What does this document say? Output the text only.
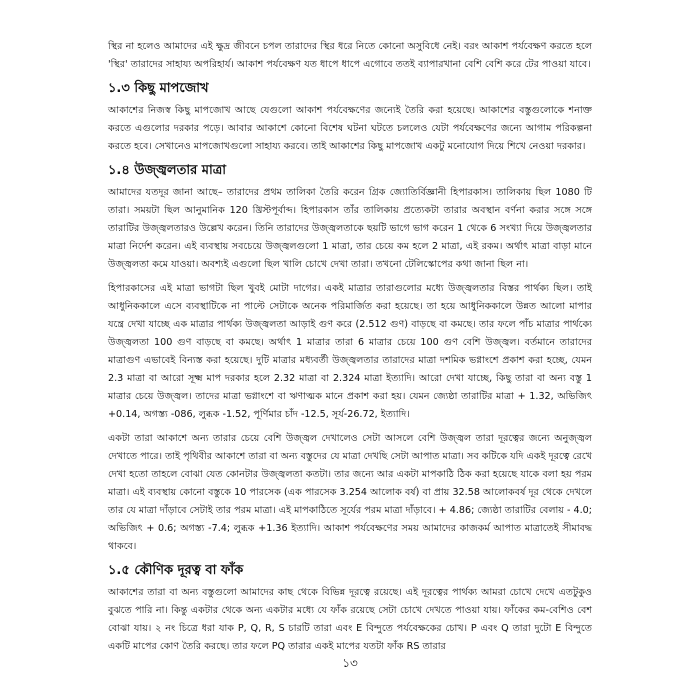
স্থির না হলেও আমাদের এই ক্ষুদ্র জীবনে চপল তারাদের স্থির ধরে নিতে কোনো অসুবিধে নেই। বরং আকাশ পর্যবেক্ষণ করতে হলে 'স্থির' তারাদের সাহায্য অপরিহার্য। আকাশ পর্যবেক্ষণ যত ধাপে ধাপে এগোবে ততই ব্যাপারখানা বেশি বেশি করে টের পাওয়া যাবে।

১.৩ কিছু মাপজোখ

আকাশের নিজস্ব কিছু মাপজোখ আছে যেগুলো আকাশ পর্যবেক্ষণের জন্যেই তৈরি করা হয়েছে। আকাশের বস্তুগুলোকে শনাক্ত করতে এগুলোর দরকার পড়ে। আবার আকাশে কোনো বিশেষ ঘটনা ঘটতে চললেও যেটা পর্যবেক্ষণের জন্যে আগাম পরিকল্পনা করতে হবে। সেখানেও মাপজোখগুলো সাহায্য করবে। তাই আকাশের কিছু মাপজোখ একটু মনোযোগ দিয়ে শিখে নেওয়া দরকার।

১.৪ উজ্জ্বলতার মাত্রা

আমাদের যতদূর জানা আছে– তারাদের প্রথম তালিকা তৈরি করেন গ্রিক জ্যোতির্বিজ্ঞানী হিপারকাস। তালিকায় ছিল 1080 টি তারা। সময়টা ছিল আনুমানিক 120 খ্রিস্টপূর্বাব্দ। হিপারকাস তাঁর তালিকায় প্রত্যেকটা তারার অবস্থান বর্ণনা করার সঙ্গে সঙ্গে তারাটির উজ্জ্বলতারও উল্লেখ করেন। তিনি তারাদের উজ্জ্বলতাকে ছয়টি ভাগে ভাগ করেন 1 থেকে 6 সংখ্যা দিয়ে উজ্জ্বলতার মাত্রা নির্দেশ করেন। এই ব্যবস্থায় সবচেয়ে উজ্জ্বলগুলো 1 মাত্রা, তার চেয়ে কম হলে 2 মাত্রা, এই রকম। অর্থাৎ মাত্রা বাড়া মানে উজ্জ্বলতা কমে যাওয়া। অবশ্যই এগুলো ছিল খালি চোখে দেখা তারা। তখনো টেলিস্কোপের কথা জানা ছিল না।

হিপারকাসের এই মাত্রা ভাগটা ছিল খুবই মোটা দাগের। একই মাত্রার তারাগুলোর মধ্যে উজ্জ্বলতার বিস্তর পার্থক্য ছিল। তাই আধুনিককালে এসে ব্যবস্থাটিকে না পাল্টে সেটাকে অনেক পরিমার্জিত করা হয়েছে। তা হয়ে আধুনিককালে উন্নত আলো মাপার যন্ত্রে দেখা যাচ্ছে এক মাত্রার পার্থক্য উজ্জ্বলতা আড়াই গুণ করে (2.512 গুণ) বাড়ছে বা কমছে। তার ফলে পাঁচ মাত্রার পার্থক্যে উজ্জ্বলতা 100 গুণ বাড়ছে বা কমছে। অর্থাৎ 1 মাত্রার তারা 6 মাত্রার চেয়ে 100 গুণ বেশি উজ্জ্বল। বর্তমানে তারাদের মাত্রাগুণ এভাবেই বিন্যস্ত করা হয়েছে। দুটি মাত্রার মধ্যবর্তী উজ্জ্বলতার তারাদের মাত্রা দশমিক ভগ্নাংশে প্রকাশ করা হচ্ছে, যেমন 2.3 মাত্রা বা আরো সূক্ষ্ম মাপ দরকার হলে 2.32 মাত্রা বা 2.324 মাত্রা ইত্যাদি। আরো দেখা যাচ্ছে, কিছু তারা বা অন্য বস্তু 1 মাত্রার চেয়ে উজ্জ্বল। তাদের মাত্রা ভগ্নাংশে বা ঋণাত্মক মানে প্রকাশ করা হয়। যেমন জ্যেষ্ঠা তারাটির মাত্রা + 1.32, অভিজিৎ +0.14, অগস্ত্য -086, লুব্ধক -1.52, পূর্ণিমার চাঁদ -12.5, সূর্য-26.72, ইত্যাদি।

একটা তারা আকাশে অন্য তারার চেয়ে বেশি উজ্জ্বল দেখালেও সেটা আসলে বেশি উজ্জ্বল তারা দূরত্বের জন্যে অনুজ্জ্বল দেখাতে পারে। তাই পৃথিবীর আকাশে তারা বা অন্য বস্তুদের যে মাত্রা দেখছি সেটা আপাত মাত্রা। সব কটিকে যদি একই দূরত্বে রেখে দেখা হতো তাহলে বোঝা যেত কোনটার উজ্জ্বলতা কতটা। তার জন্যে আর একটা মাপকাঠি ঠিক করা হয়েছে যাকে বলা হয় পরম মাত্রা। এই ব্যবস্থায় কোনো বস্তুকে 10 পারসেক (এক পারসেক 3.254 আলোক বর্ষ) বা প্রায় 32.58 আলোকবর্ষ দূর থেকে দেখলে তার যে মাত্রা দাঁড়াবে সেটাই তার পরম মাত্রা। এই মাপকাঠিতে সূর্যের পরম মাত্রা দাঁড়াবে। + 4.86; জ্যেষ্ঠা তারাটির বেলায় - 4.0; অভিজিৎ + 0.6; অগস্ত্য -7.4; লুব্ধক +1.36 ইত্যাদি। আকাশ পর্যবেক্ষণের সময় আমাদের কাজকর্ম আপাত মাত্রাতেই সীমাবদ্ধ থাকবে।

১.৫ কৌণিক দূরত্ব বা ফাঁক

আকাশের তারা বা অন্য বস্তুগুলো আমাদের কাছ থেকে বিভিন্ন দূরত্বে রয়েছে। এই দূরত্বের পার্থক্য আমরা চোখে দেখে এতটুকুও বুঝতে পারি না। কিন্তু একটার থেকে অন্য একটার মধ্যে যে ফাঁক রয়েছে সেটা চোখে দেখতে পাওয়া যায়। ফাঁকের কম-বেশিও বেশ বোঝা যায়। ২ নং চিত্রে ধরা যাক P, Q, R, S চারটি তারা এবং E বিন্দুতে পর্যবেক্ষকের চোখ। P এবং Q তারা দুটো E বিন্দুতে একটি মাপের কোণ তৈরি করছে। তার ফলে PQ তারার একই মাপের যতটা ফাঁক RS তারার

১৩
